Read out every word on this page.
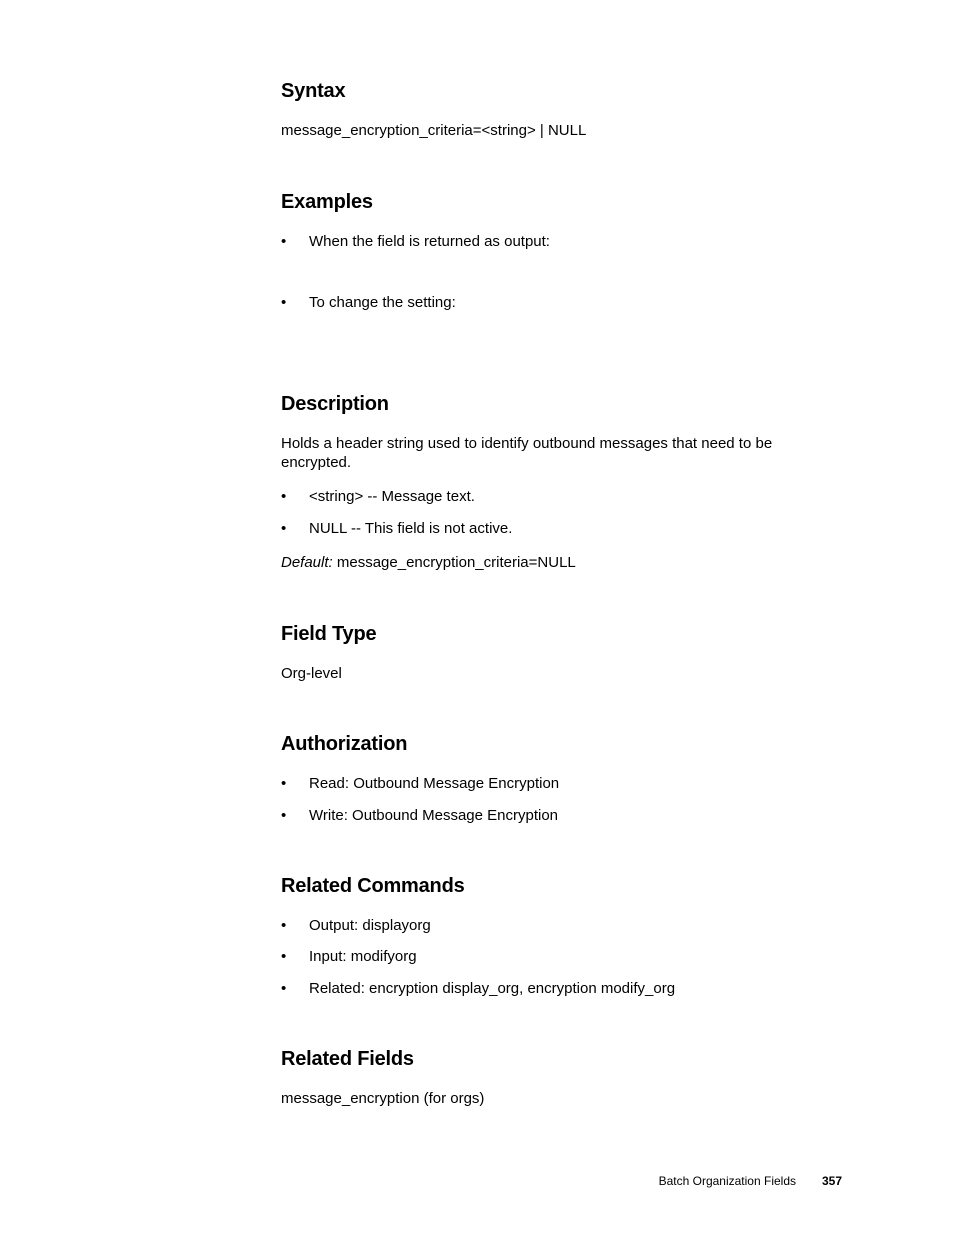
Syntax

message_encryption_criteria=<string> | NULL

Examples
• When the field is returned as output:
• To change the setting:
Description

Holds a header string used to identify outbound messages that need to be encrypted.

• <string> -- Message text.
• NULL -- This field is not active.

Default: message_encryption_criteria=NULL

Field Type

Org-level

Authorization
• Read: Outbound Message Encryption
• Write: Outbound Message Encryption
Related Commands
• Output: displayorg
• Input: modifyorg
• Related: encryption display_org, encryption modify_org
Related Fields

message_encryption (for orgs)

Batch Organization Fields 357
